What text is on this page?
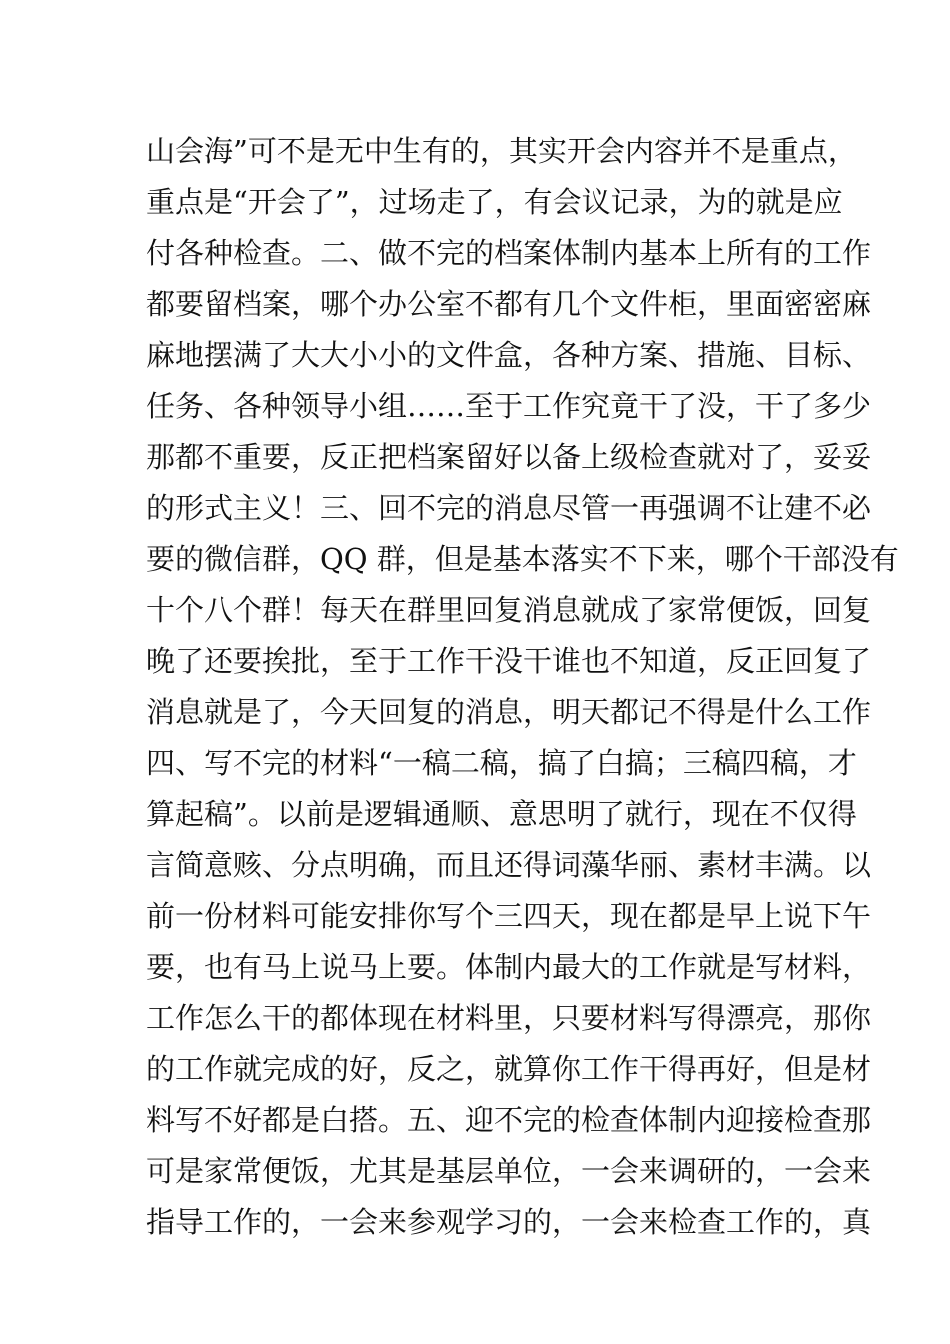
山会海”可不是无中生有的，其实开会内容并不是重点，
重点是“开会了”，过场走了，有会议记录，为的就是应
付各种检查。二、做不完的档案体制内基本上所有的工作
都要留档案，哪个办公室不都有几个文件柜，里面密密麻
麻地摆满了大大小小的文件盒，各种方案、措施、目标、
任务、各种领导小组……至于工作究竟干了没，干了多少
那都不重要，反正把档案留好以备上级检查就对了，妥妥
的形式主义！三、回不完的消息尽管一再强调不让建不必
要的微信群，QQ 群，但是基本落实不下来，哪个干部没有
十个八个群！每天在群里回复消息就成了家常便饭，回复
晚了还要挨批，至于工作干没干谁也不知道，反正回复了
消息就是了，今天回复的消息，明天都记不得是什么工作
四、写不完的材料“一稿二稿，搞了白搞；三稿四稿，才
算起稿”。以前是逻辑通顺、意思明了就行，现在不仅得
言简意赅、分点明确，而且还得词藻华丽、素材丰满。以
前一份材料可能安排你写个三四天，现在都是早上说下午
要，也有马上说马上要。体制内最大的工作就是写材料，
工作怎么干的都体现在材料里，只要材料写得漂亮，那你
的工作就完成的好，反之，就算你工作干得再好，但是材
料写不好都是白搭。五、迎不完的检查体制内迎接检查那
可是家常便饭，尤其是基层单位，一会来调研的，一会来
指导工作的，一会来参观学习的，一会来检查工作的，真
